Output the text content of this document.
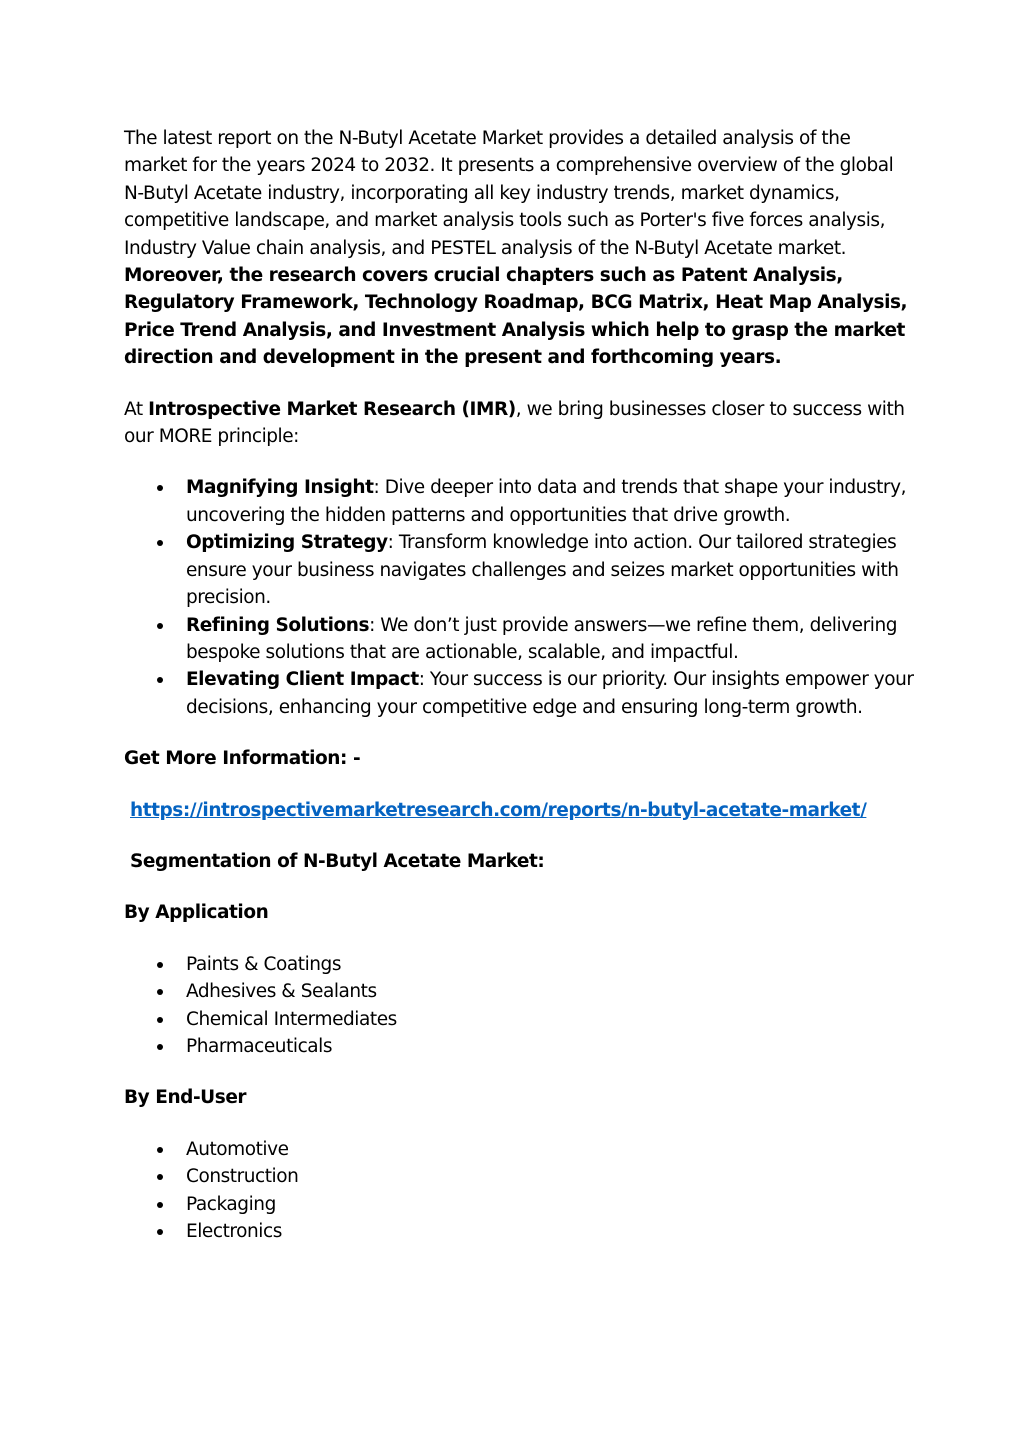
The latest report on the N-Butyl Acetate Market provides a detailed analysis of the market for the years 2024 to 2032. It presents a comprehensive overview of the global N-Butyl Acetate industry, incorporating all key industry trends, market dynamics, competitive landscape, and market analysis tools such as Porter's five forces analysis, Industry Value chain analysis, and PESTEL analysis of the N-Butyl Acetate market. Moreover, the research covers crucial chapters such as Patent Analysis, Regulatory Framework, Technology Roadmap, BCG Matrix, Heat Map Analysis, Price Trend Analysis, and Investment Analysis which help to grasp the market direction and development in the present and forthcoming years.

At Introspective Market Research (IMR), we bring businesses closer to success with our MORE principle:

Magnifying Insight: Dive deeper into data and trends that shape your industry, uncovering the hidden patterns and opportunities that drive growth.
Optimizing Strategy: Transform knowledge into action. Our tailored strategies ensure your business navigates challenges and seizes market opportunities with precision.
Refining Solutions: We don’t just provide answers—we refine them, delivering bespoke solutions that are actionable, scalable, and impactful.
Elevating Client Impact: Your success is our priority. Our insights empower your decisions, enhancing your competitive edge and ensuring long-term growth.

Get More Information: -

https://introspectivemarketresearch.com/reports/n-butyl-acetate-market/

Segmentation of N-Butyl Acetate Market:

By Application

Paints & Coatings
Adhesives & Sealants
Chemical Intermediates
Pharmaceuticals

By End-User

Automotive
Construction
Packaging
Electronics
